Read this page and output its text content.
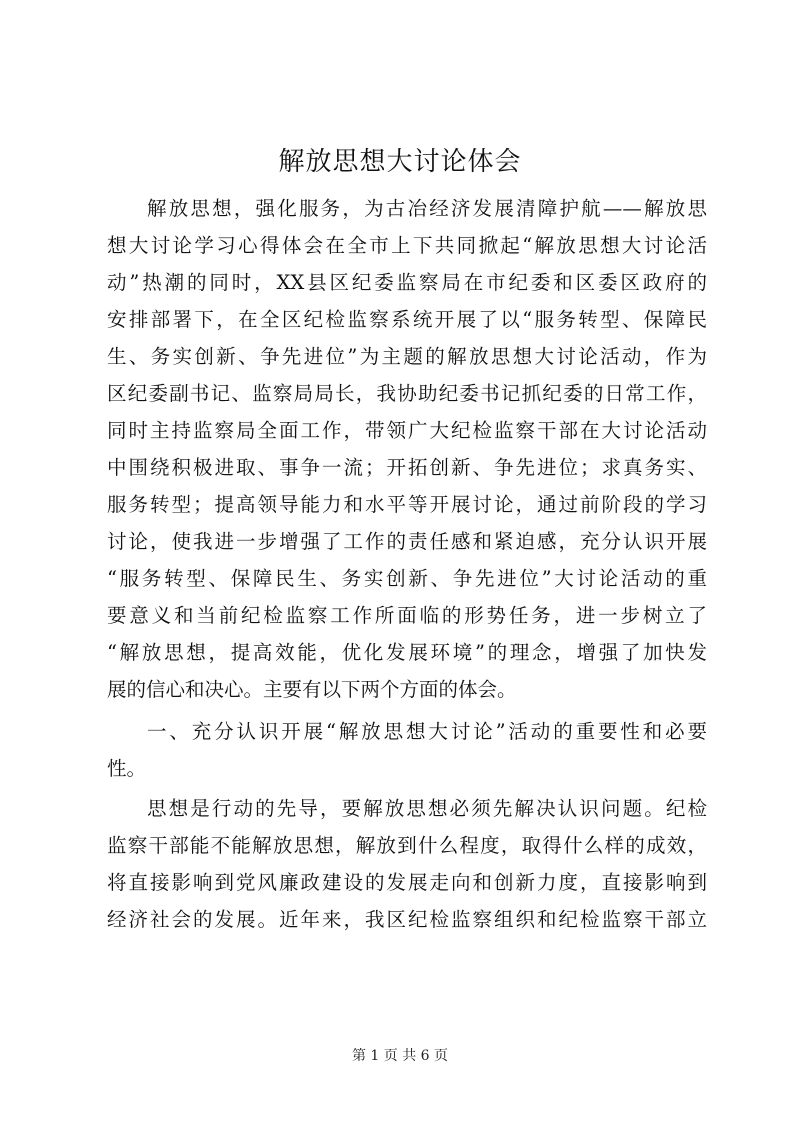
解放思想大讨论体会
解放思想，强化服务，为古冶经济发展清障护航——解放思
想大讨论学习心得体会在全市上下共同掀起“解放思想大讨论活
动”热潮的同时，XX县区纪委监察局在市纪委和区委区政府的
安排部署下，在全区纪检监察系统开展了以“服务转型、保障民
生、务实创新、争先进位”为主题的解放思想大讨论活动，作为
区纪委副书记、监察局局长，我协助纪委书记抓纪委的日常工作，
同时主持监察局全面工作，带领广大纪检监察干部在大讨论活动
中围绕积极进取、事争一流；开拓创新、争先进位；求真务实、
服务转型；提高领导能力和水平等开展讨论，通过前阶段的学习
讨论，使我进一步增强了工作的责任感和紧迫感，充分认识开展
“服务转型、保障民生、务实创新、争先进位”大讨论活动的重
要意义和当前纪检监察工作所面临的形势任务，进一步树立了
“解放思想，提高效能，优化发展环境”的理念，增强了加快发
展的信心和决心。主要有以下两个方面的体会。
一、充分认识开展“解放思想大讨论”活动的重要性和必要
性。
思想是行动的先导，要解放思想必须先解决认识问题。纪检
监察干部能不能解放思想，解放到什么程度，取得什么样的成效，
将直接影响到党风廉政建设的发展走向和创新力度，直接影响到
经济社会的发展。近年来，我区纪检监察组织和纪检监察干部立
第 1 页 共 6 页
